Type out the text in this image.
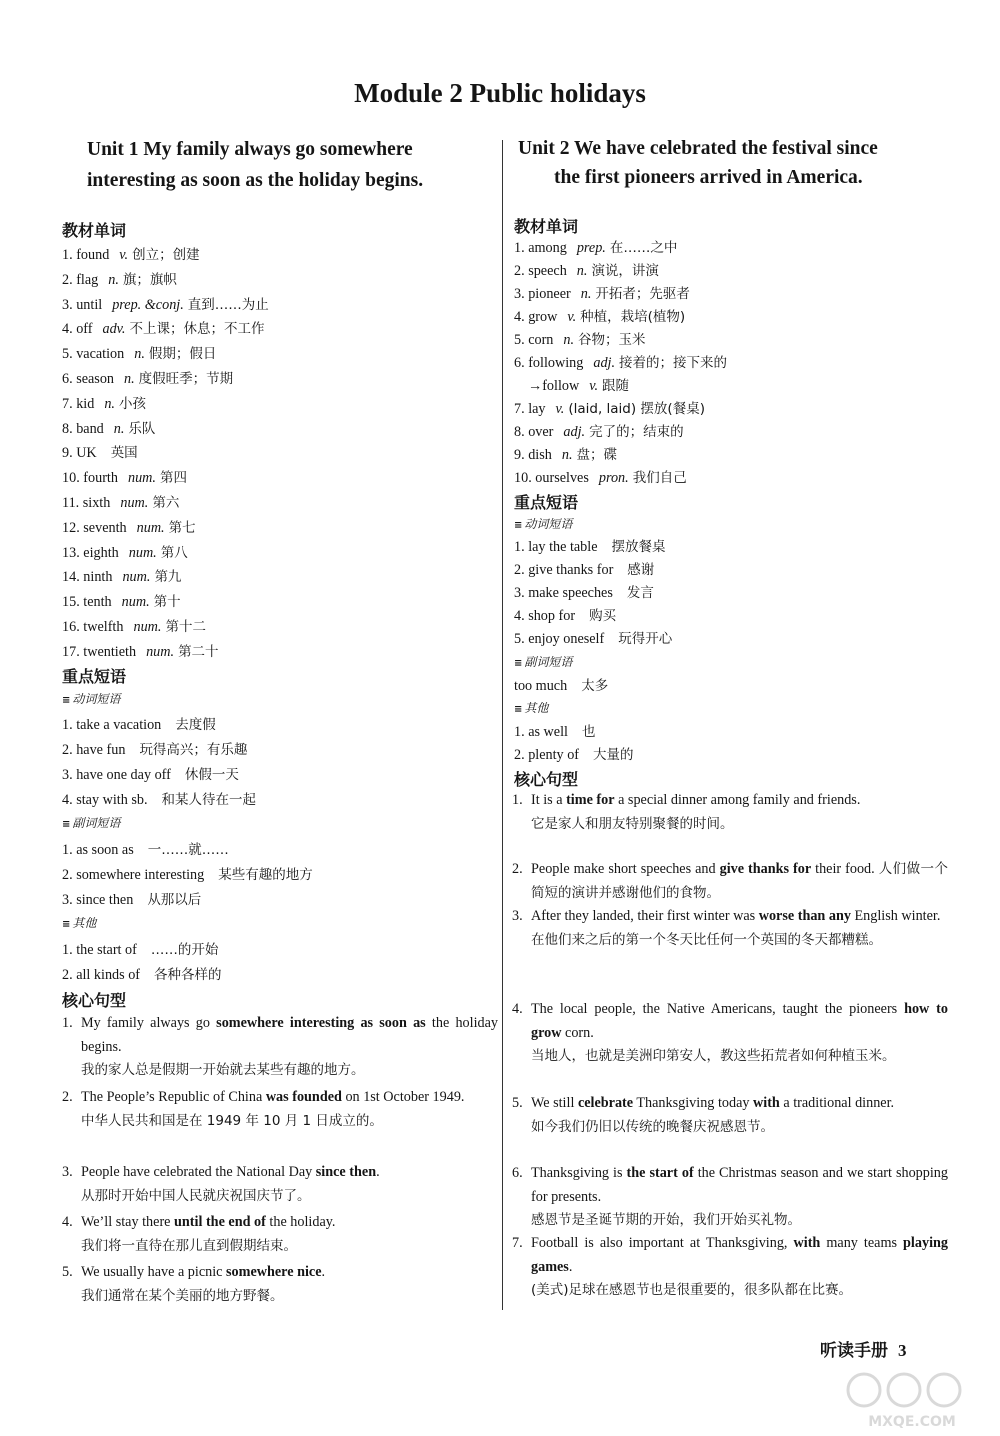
Module 2 Public holidays
Unit 1 My family always go somewhere
interesting as soon as the holiday begins.
教材单词
1. found v. 创立；创建
2. flag n. 旗；旗帜
3. until prep. &conj. 直到……为止
4. off adv. 不上课；休息；不工作
5. vacation n. 假期；假日
6. season n. 度假旺季；节期
7. kid n. 小孩
8. band n. 乐队
9. UK 英国
10. fourth num. 第四
11. sixth num. 第六
12. seventh num. 第七
13. eighth num. 第八
14. ninth num. 第九
15. tenth num. 第十
16. twelfth num. 第十二
17. twentieth num. 第二十
重点短语
≡ 动词短语
1. take a vacation 去度假
2. have fun 玩得高兴；有乐趣
3. have one day off 休假一天
4. stay with sb. 和某人待在一起
≡ 副词短语
1. as soon as 一……就……
2. somewhere interesting 某些有趣的地方
3. since then 从那以后
≡ 其他
1. the start of ……的开始
2. all kinds of 各种各样的
核心句型
1. My family always go somewhere interesting as soon as the holiday begins.
我的家人总是假期一开始就去某些有趣的地方。
2. The People’s Republic of China was founded on 1st October 1949.
中华人民共和国是在 1949 年 10 月 1 日成立的。
3. People have celebrated the National Day since then.
从那时开始中国人民就庆祝国庆节了。
4. We’ll stay there until the end of the holiday.
我们将一直待在那儿直到假期结束。
5. We usually have a picnic somewhere nice.
我们通常在某个美丽的地方野餐。
Unit 2 We have celebrated the festival since
the first pioneers arrived in America.
教材单词
1. among prep. 在……之中
2. speech n. 演说，讲演
3. pioneer n. 开拓者；先驱者
4. grow v. 种植，栽培(植物)
5. corn n. 谷物；玉米
6. following adj. 接着的；接下来的
→follow v. 跟随
7. lay v. (laid, laid) 摆放(餐桌)
8. over adj. 完了的；结束的
9. dish n. 盘；碟
10. ourselves pron. 我们自己
重点短语
≡ 动词短语
1. lay the table 摆放餐桌
2. give thanks for 感谢
3. make speeches 发言
4. shop for 购买
5. enjoy oneself 玩得开心
≡ 副词短语
too much 太多
≡ 其他
1. as well 也
2. plenty of 大量的
核心句型
1. It is a time for a special dinner among family and friends.
它是家人和朋友特别聚餐的时间。
2. People make short speeches and give thanks for their food. 人们做一个简短的演讲并感谢他们的食物。
3. After they landed, their first winter was worse than any English winter.
在他们来之后的第一个冬天比任何一个英国的冬天都糟糕。
4. The local people, the Native Americans, taught the pioneers how to grow corn.
当地人，也就是美洲印第安人，教这些拓荒者如何种植玉米。
5. We still celebrate Thanksgiving today with a traditional dinner.
如今我们仍旧以传统的晚餐庆祝感恩节。
6. Thanksgiving is the start of the Christmas season and we start shopping for presents.
感恩节是圣诞节期的开始，我们开始买礼物。
7. Football is also important at Thanksgiving, with many teams playing games.
(美式)足球在感恩节也是很重要的，很多队都在比赛。
听读手册 3
MXQE.COM
